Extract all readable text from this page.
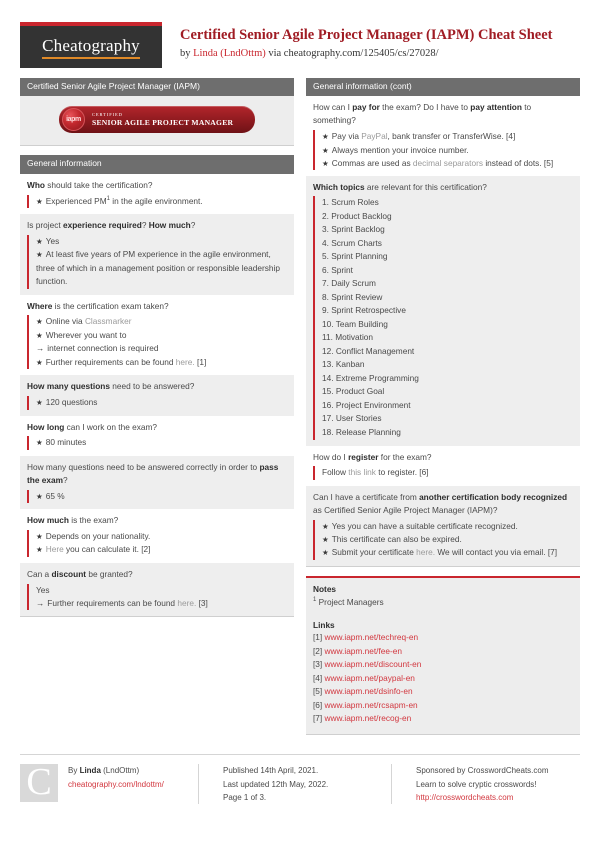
Cheatography
Certified Senior Agile Project Manager (IAPM) Cheat Sheet
by Linda (LndOttm) via cheatography.com/125405/cs/27028/
Certified Senior Agile Project Manager (IAPM)
iapm
CERTIFIED
SENIOR AGILE PROJECT MANAGER
General information
Who should take the certification?
★ Experienced $PM^1$ in the agile environment.
Is project experience required? How much?
★ Yes
★ At least five years of PM experience in the agile environment, three of which in a management position or responsible leadership function.
Where is the certification exam taken?
★ Online via Classmarker
★ Wherever you want to
→ internet connection is required
★ Further requirements can be found here. [1]
How many questions need to be answered?
★ 120 questions
How long can I work on the exam?
★ 80 minutes
How many questions need to be answered correctly in order to pass the exam?
★ 65 %
How much is the exam?
★ Depends on your nationality.
★ Here you can calculate it. [2]
Can a discount be granted?
Yes
→ Further requirements can be found here. [3]
General information (cont)
How can I pay for the exam? Do I have to pay attention to something?
★ Pay via PayPal, bank transfer or TransferWise. [4]
★ Always mention your invoice number.
★ Commas are used as decimal separators instead of dots. [5]
Which topics are relevant for this certification?
1. Scrum Roles
2. Product Backlog
3. Sprint Backlog
4. Scrum Charts
5. Sprint Planning
6. Sprint
7. Daily Scrum
8. Sprint Review
9. Sprint Retrospective
10. Team Building
11. Motivation
12. Conflict Management
13. Kanban
14. Extreme Programming
15. Product Goal
16. Project Environment
17. User Stories
18. Release Planning
How do I register for the exam?
Follow this link to register. [6]
Can I have a certificate from another certification body recognized as Certified Senior Agile Project Manager (IAPM)?
★ Yes you can have a suitable certificate recognized.
★ This certificate can also be expired.
★ Submit your certificate here. We will contact you via email. [7]
Notes
$^1$ Project Managers
Links
[1] www.iapm.net/techreq-en
[2] www.iapm.net/fee-en
[3] www.iapm.net/discount-en
[4] www.iapm.net/paypal-en
[5] www.iapm.net/dsinfo-en
[6] www.iapm.net/rcsapm-en
[7] www.iapm.net/recog-en
C	By Linda (LndOttm)
cheatography.com/lndottm/
Published 14th April, 2021.
Last updated 12th May, 2022.
Page 1 of 3.
Sponsored by CrosswordCheats.com
Learn to solve cryptic crosswords!
http://crosswordcheats.com
